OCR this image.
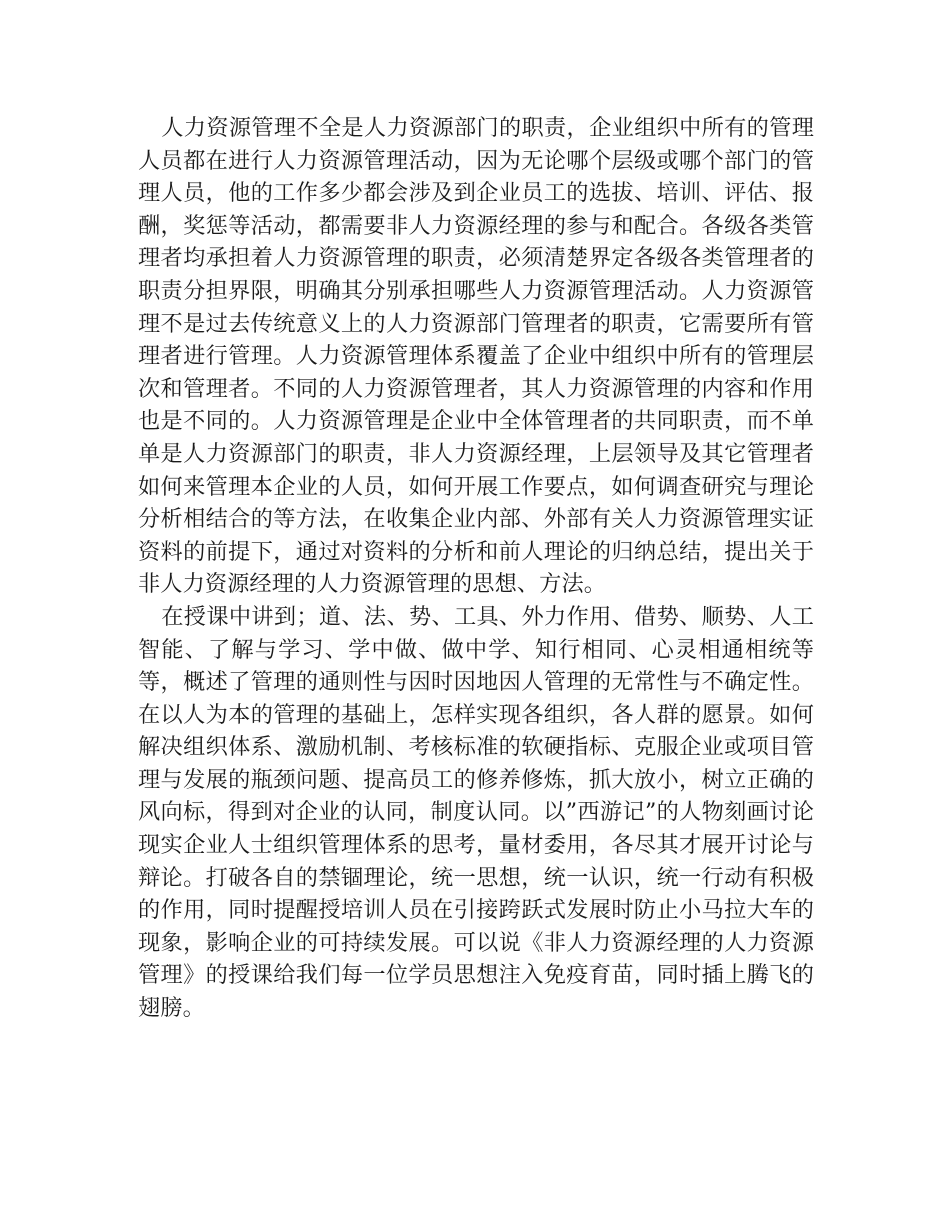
人力资源管理不全是人力资源部门的职责，企业组织中所有的管理人员都在进行人力资源管理活动，因为无论哪个层级或哪个部门的管理人员，他的工作多少都会涉及到企业员工的选拔、培训、评估、报酬，奖惩等活动，都需要非人力资源经理的参与和配合。各级各类管理者均承担着人力资源管理的职责，必须清楚界定各级各类管理者的职责分担界限，明确其分别承担哪些人力资源管理活动。人力资源管理不是过去传统意义上的人力资源部门管理者的职责，它需要所有管理者进行管理。人力资源管理体系覆盖了企业中组织中所有的管理层次和管理者。不同的人力资源管理者，其人力资源管理的内容和作用也是不同的。人力资源管理是企业中全体管理者的共同职责，而不单单是人力资源部门的职责，非人力资源经理，上层领导及其它管理者如何来管理本企业的人员，如何开展工作要点，如何调查研究与理论分析相结合的等方法，在收集企业内部、外部有关人力资源管理实证资料的前提下，通过对资料的分析和前人理论的归纳总结，提出关于非人力资源经理的人力资源管理的思想、方法。

在授课中讲到；道、法、势、工具、外力作用、借势、顺势、人工智能、了解与学习、学中做、做中学、知行相同、心灵相通相统等等，概述了管理的通则性与因时因地因人管理的无常性与不确定性。在以人为本的管理的基础上，怎样实现各组织，各人群的愿景。如何解决组织体系、激励机制、考核标准的软硬指标、克服企业或项目管理与发展的瓶颈问题、提高员工的修养修炼，抓大放小，树立正确的风向标，得到对企业的认同，制度认同。以”西游记”的人物刻画讨论现实企业人士组织管理体系的思考，量材委用，各尽其才展开讨论与辩论。打破各自的禁锢理论，统一思想，统一认识，统一行动有积极的作用，同时提醒授培训人员在引接跨跃式发展时防止小马拉大车的现象，影响企业的可持续发展。可以说《非人力资源经理的人力资源管理》的授课给我们每一位学员思想注入免疫育苗，同时插上腾飞的翅膀。
